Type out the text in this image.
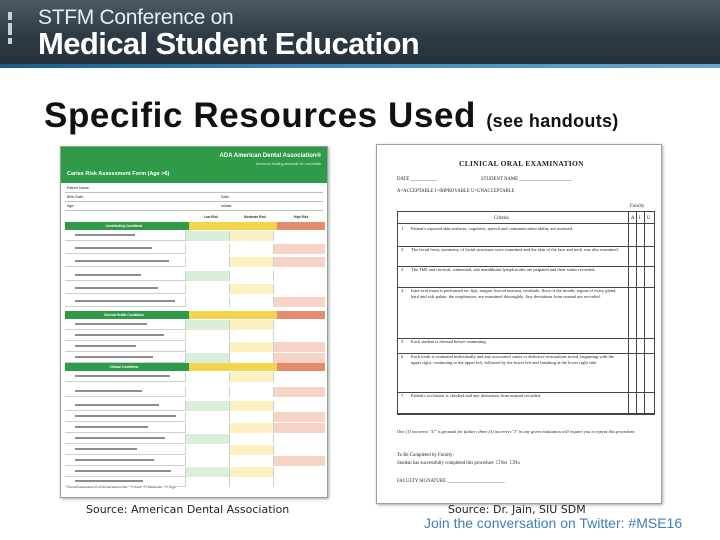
STFM Conference on
Medical Student Education
Specific Resources Used (see handouts)
ADA American Dental Association®
America's leading advocate for oral health
Caries Risk Assessment Form (Age >6)
Patient Name:
Birth Date:	Date:
Age:	Initials:
Low Risk	Moderate Risk	High Risk
Contributing Conditions
General Health Conditions
Clinical Conditions
Overall assessment of dental caries risk:   ☐ Low   ☐ Moderate   ☐ High
CLINICAL ORAL EXAMINATION
DATE ___________	STUDENT NAME ______________________
A=ACCEPTABLE I=IMPROVABLE U=UNACCEPTABLE
Criteria
Faculty
A I U
1	Patient's exposed skin surfaces, cognitive, speech and communication ability are assessed.
2	The facial form, symmetry of facial structures were examined and the skin of the face and neck was also examined.
3	The TMJ and cervical, submental, sub mandibular lymph nodes are palpated and their status recorded.
4	Intra-oral exam is performed on: lips, tongue, buccal mucosa, vestibule, floor of the mouth, region of every gland, hard and soft palate, the oropharynx; are examined thoroughly. Any deviations from normal are recorded.
5	Each student is dressed before examining.
6	Each tooth is evaluated individually and any associated caries or defective restorations noted, beginning with the upper right, continuing to the upper left, followed by the lower left and finishing at the lower right side.
7	Patient's occlusion is checked and any deviations from normal recorded.
One (1) incorrect "U" is grounds for failure; three (3) incorrect "I" in any given evaluation will require you to repeat this procedure.
To Be Completed by Faculty:
Student has successfully completed this procedure  ☐Yes  ☐No
FACULTY SIGNATURE ________________________
Source: American Dental Association	Source: Dr. Jain, SIU SDM
Join the conversation on Twitter: #MSE16
